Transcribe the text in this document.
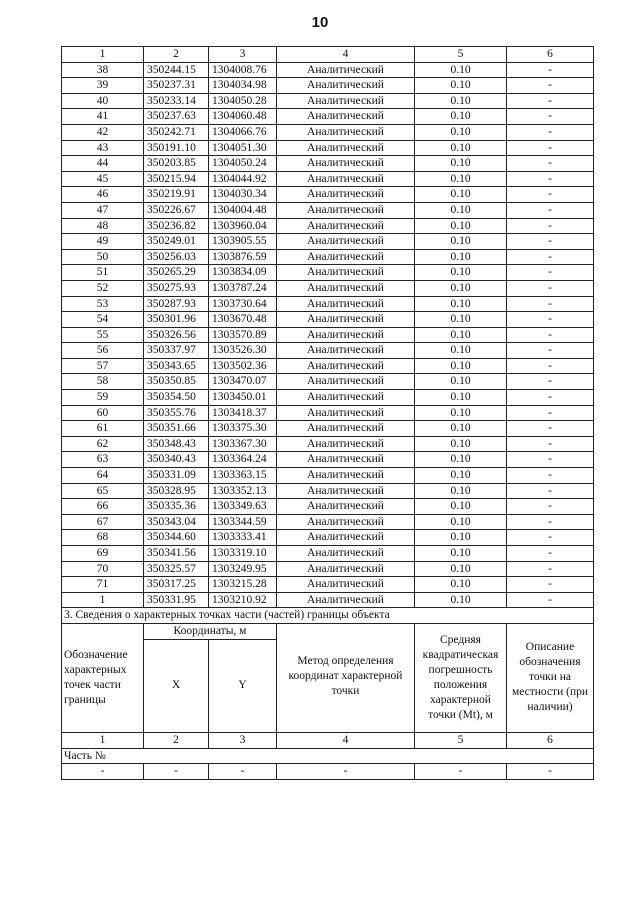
10
1	2	3	4	5	6
38	350244.15	1304008.76	Аналитический	0.10	-
39	350237.31	1304034.98	Аналитический	0.10	-
40	350233.14	1304050.28	Аналитический	0.10	-
41	350237.63	1304060.48	Аналитический	0.10	-
42	350242.71	1304066.76	Аналитический	0.10	-
43	350191.10	1304051.30	Аналитический	0.10	-
44	350203.85	1304050.24	Аналитический	0.10	-
45	350215.94	1304044.92	Аналитический	0.10	-
46	350219.91	1304030.34	Аналитический	0.10	-
47	350226.67	1304004.48	Аналитический	0.10	-
48	350236.82	1303960.04	Аналитический	0.10	-
49	350249.01	1303905.55	Аналитический	0.10	-
50	350256.03	1303876.59	Аналитический	0.10	-
51	350265.29	1303834.09	Аналитический	0.10	-
52	350275.93	1303787.24	Аналитический	0.10	-
53	350287.93	1303730.64	Аналитический	0.10	-
54	350301.96	1303670.48	Аналитический	0.10	-
55	350326.56	1303570.89	Аналитический	0.10	-
56	350337.97	1303526.30	Аналитический	0.10	-
57	350343.65	1303502.36	Аналитический	0.10	-
58	350350.85	1303470.07	Аналитический	0.10	-
59	350354.50	1303450.01	Аналитический	0.10	-
60	350355.76	1303418.37	Аналитический	0.10	-
61	350351.66	1303375.30	Аналитический	0.10	-
62	350348.43	1303367.30	Аналитический	0.10	-
63	350340.43	1303364.24	Аналитический	0.10	-
64	350331.09	1303363.15	Аналитический	0.10	-
65	350328.95	1303352.13	Аналитический	0.10	-
66	350335.36	1303349.63	Аналитический	0.10	-
67	350343.04	1303344.59	Аналитический	0.10	-
68	350344.60	1303333.41	Аналитический	0.10	-
69	350341.56	1303319.10	Аналитический	0.10	-
70	350325.57	1303249.95	Аналитический	0.10	-
71	350317.25	1303215.28	Аналитический	0.10	-
1	350331.95	1303210.92	Аналитический	0.10	-
3. Сведения о характерных точках части (частей) границы объекта					
Обозначение характерных точек части границы	Координаты, м		Метод определения координат характерной точки	Средняя квадратическая погрешность положения характерной точки (Mt), м	Описание обозначения точки на местности (при наличии)
	X	Y			
1	2	3	4	5	6
Часть №					
-	-	-	-	-	-
